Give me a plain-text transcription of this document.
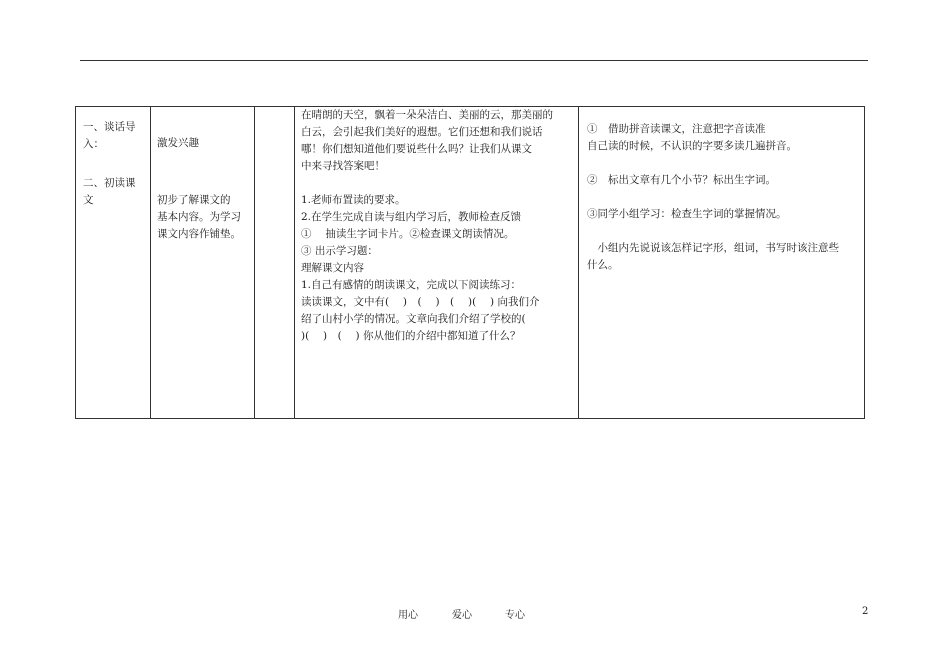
一、谈话导
入：
二、初读课
文

激发兴趣
初步了解课文的
基本内容。为学习
课文内容作铺垫。

在晴朗的天空，飘着一朵朵洁白、美丽的云，那美丽的
白云，会引起我们美好的遐想。它们还想和我们说话
哪！你们想知道他们要说些什么吗？让我们从课文
中来寻找答案吧！
1.老师布置读的要求。
2.在学生完成自读与组内学习后，教师检查反馈
①　 抽读生字词卡片。②检查课文朗读情况。
③ 出示学习题：
理解课文内容
1.自己有感情的朗读课文，完成以下阅读练习：
读读课文，文中有(　 )　(　 )　(　 )(　 ) 向我们介
绍了山村小学的情况。文章向我们介绍了学校的(
)(　 )　(　 ) 你从他们的介绍中都知道了什么？

①　借助拼音读课文，注意把字音读准
自己读的时候，不认识的字要多读几遍拼音。
②　标出文章有几个小节？标出生字词。
③同学小组学习：检查生字词的掌握情况。
　小组内先说说该怎样记字形，组词，书写时该注意些
什么。
用心	爱心	专心	2
